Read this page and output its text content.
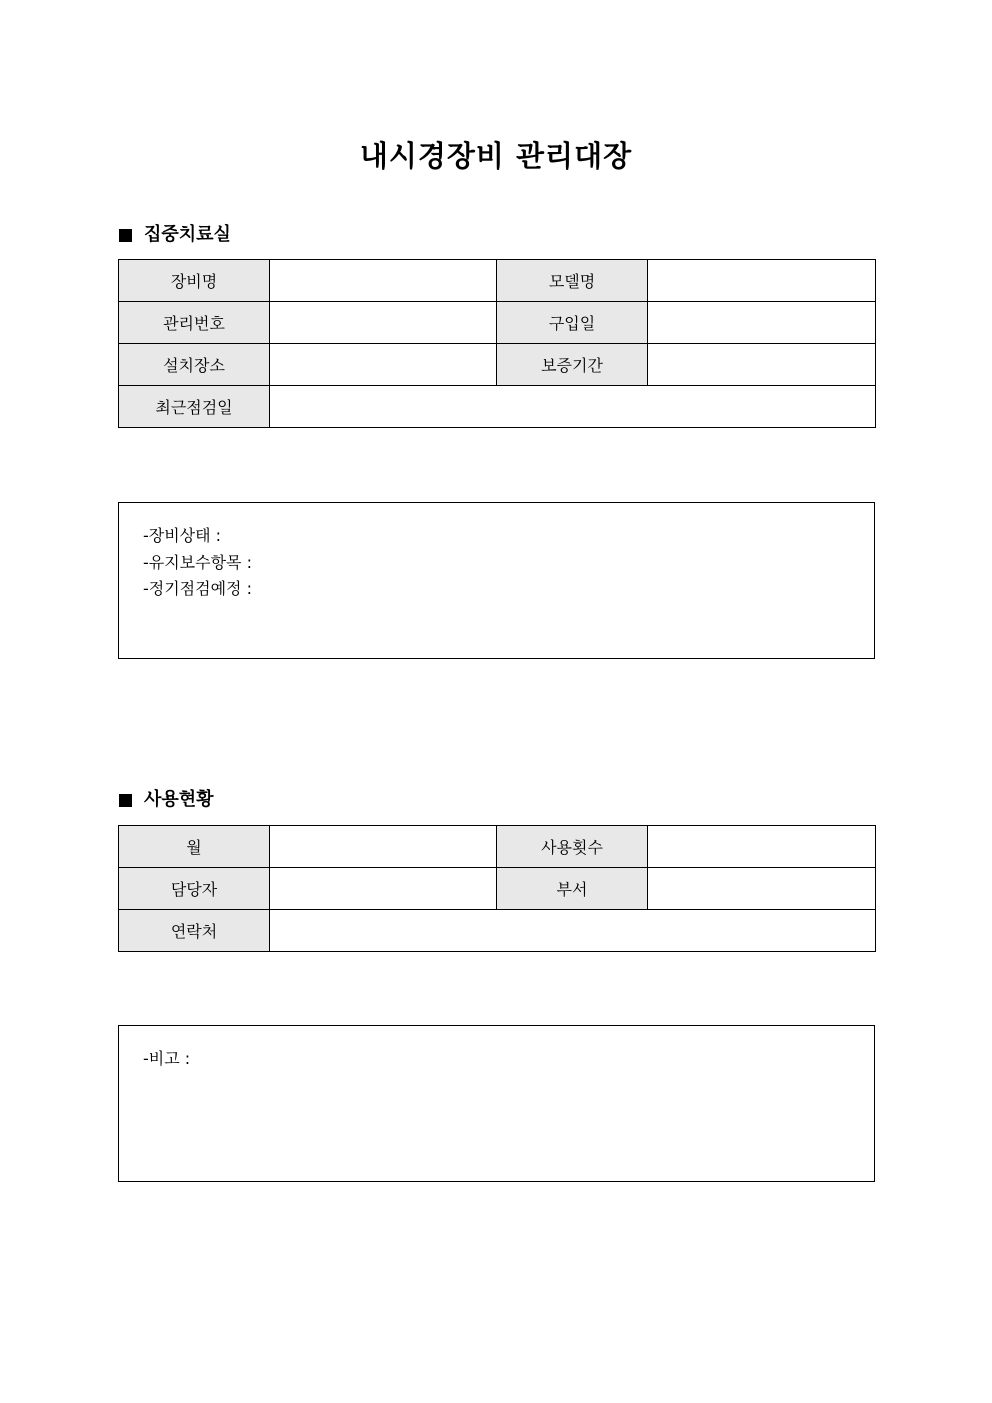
내시경장비 관리대장
집중치료실
장비명		모델명	
관리번호		구입일	
설치장소		보증기간	
최근점검일			
-장비상태 :
-유지보수항목 :
-정기점검예정 :
사용현황
월		사용횟수	
담당자		부서	
연락처			
-비고 :
